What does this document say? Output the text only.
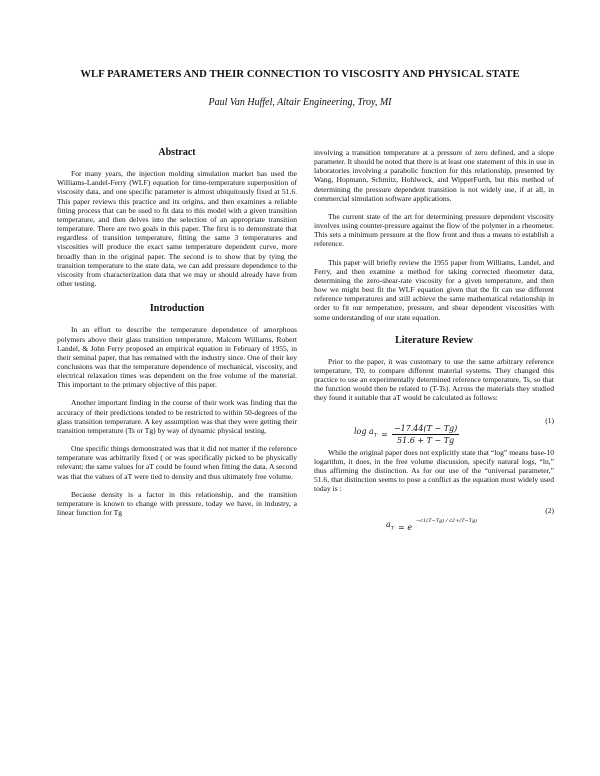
WLF PARAMETERS AND THEIR CONNECTION TO VISCOSITY AND PHYSICAL STATE
Paul Van Huffel, Altair Engineering, Troy, MI
Abstract

For many years, the injection molding simulation market has used the Williams-Landel-Ferry (WLF) equation for time-temperature superposition of viscosity data, and one specific parameter is almost ubiquitously fixed at 51.6. This paper reviews this practice and its origins, and then examines a reliable fitting process that can be used to fit data to this model with a given transition temperature, and then delves into the selection of an appropriate transition temperature. There are two goals in this paper. The first is to demonstrate that regardless of transition temperature, fitting the same 3 temperatures and viscosities will produce the exact same temperature dependent curve, more broadly than in the original paper. The second is to show that by tying the transition temperature to the state data, we can add pressure dependence to the viscosity from characterization data that we may or should already have from other testing.

Introduction

In an effort to describe the temperature dependence of amorphous polymers above their glass transition temperature, Malcom Williams, Robert Landel, & John Ferry proposed an empirical equation in February of 1955, in their seminal paper, that has remained with the industry since. One of their key conclusions was that the temperature dependence of mechanical, viscosity, and electrical relaxation times was dependent on the free volume of the material. This important to the primary objective of this paper.

Another important finding in the course of their work was finding that the accuracy of their predictions tended to be restricted to within 50-degrees of the glass transition temperature. A key assumption was that they were getting their transition temperature (Ts or Tg) by way of dynamic physical testing.

One specific things demonstrated was that it did not matter if the reference temperature was arbitrarily fixed ( or was specifically picked to be physically relevant; the same values for aT could be found when fitting the data. A second was that the values of aT were tied to density and thus ultimately free volume.

Because density is a factor in this relationship, and the transition temperature is known to change with pressure, today we have, in industry, a linear function for Tg

involving a transition temperature at a pressure of zero defined, and a slope parameter. It should be noted that there is at least one statement of this in use in laboratories involving a parabolic function for this relationship, presented by Wang, Hopmann, Schmitz, Hohlweck, and WipperFurth, but this method of determining the pressure dependent transition is not widely use, if at all, in commercial simulation software applications.

The current state of the art for determining pressure dependent viscosity involves using counter-pressure against the flow of the polymer in a rheometer. This sets a minimum pressure at the flow front and thus a means to establish a reference.

This paper will briefly review the 1955 paper from Williams, Landel, and Ferry, and then examine a method for taking corrected rheometer data, determining the zero-shear-rate viscosity for a given temperature, and then how we might best fit the WLF equation given that the fit can use different reference temperatures and still achieve the same mathematical relationship in order to fit our temperature, pressure, and shear dependent viscosities with some understanding of our state equation.

Literature Review

Prior to the paper, it was customary to use the same arbitrary reference temperature, T0, to compare different material systems. They changed this practice to use an experimentally determined reference temperature, Ts, so that the function would then be related to (T-Ts). Across the materials they studied they found it suitable that aT would be calculated as follows:

(1)
$\log a_T = \frac{-17.44(T - Tg)}{51.6 + T - Tg}$

While the original paper does not explicitly state that “log” means base-10 logarithm, it does, in the free volume discussion, specify natural logs, “ln,” thus affirming the distinction. As for our use of the “universal parameter,” 51.6, that distinction seems to pose a conflict as the equation most widely used today is :

(2)
$a_T = e$
−c1(T−Tg) / c2+(T−Tg)
